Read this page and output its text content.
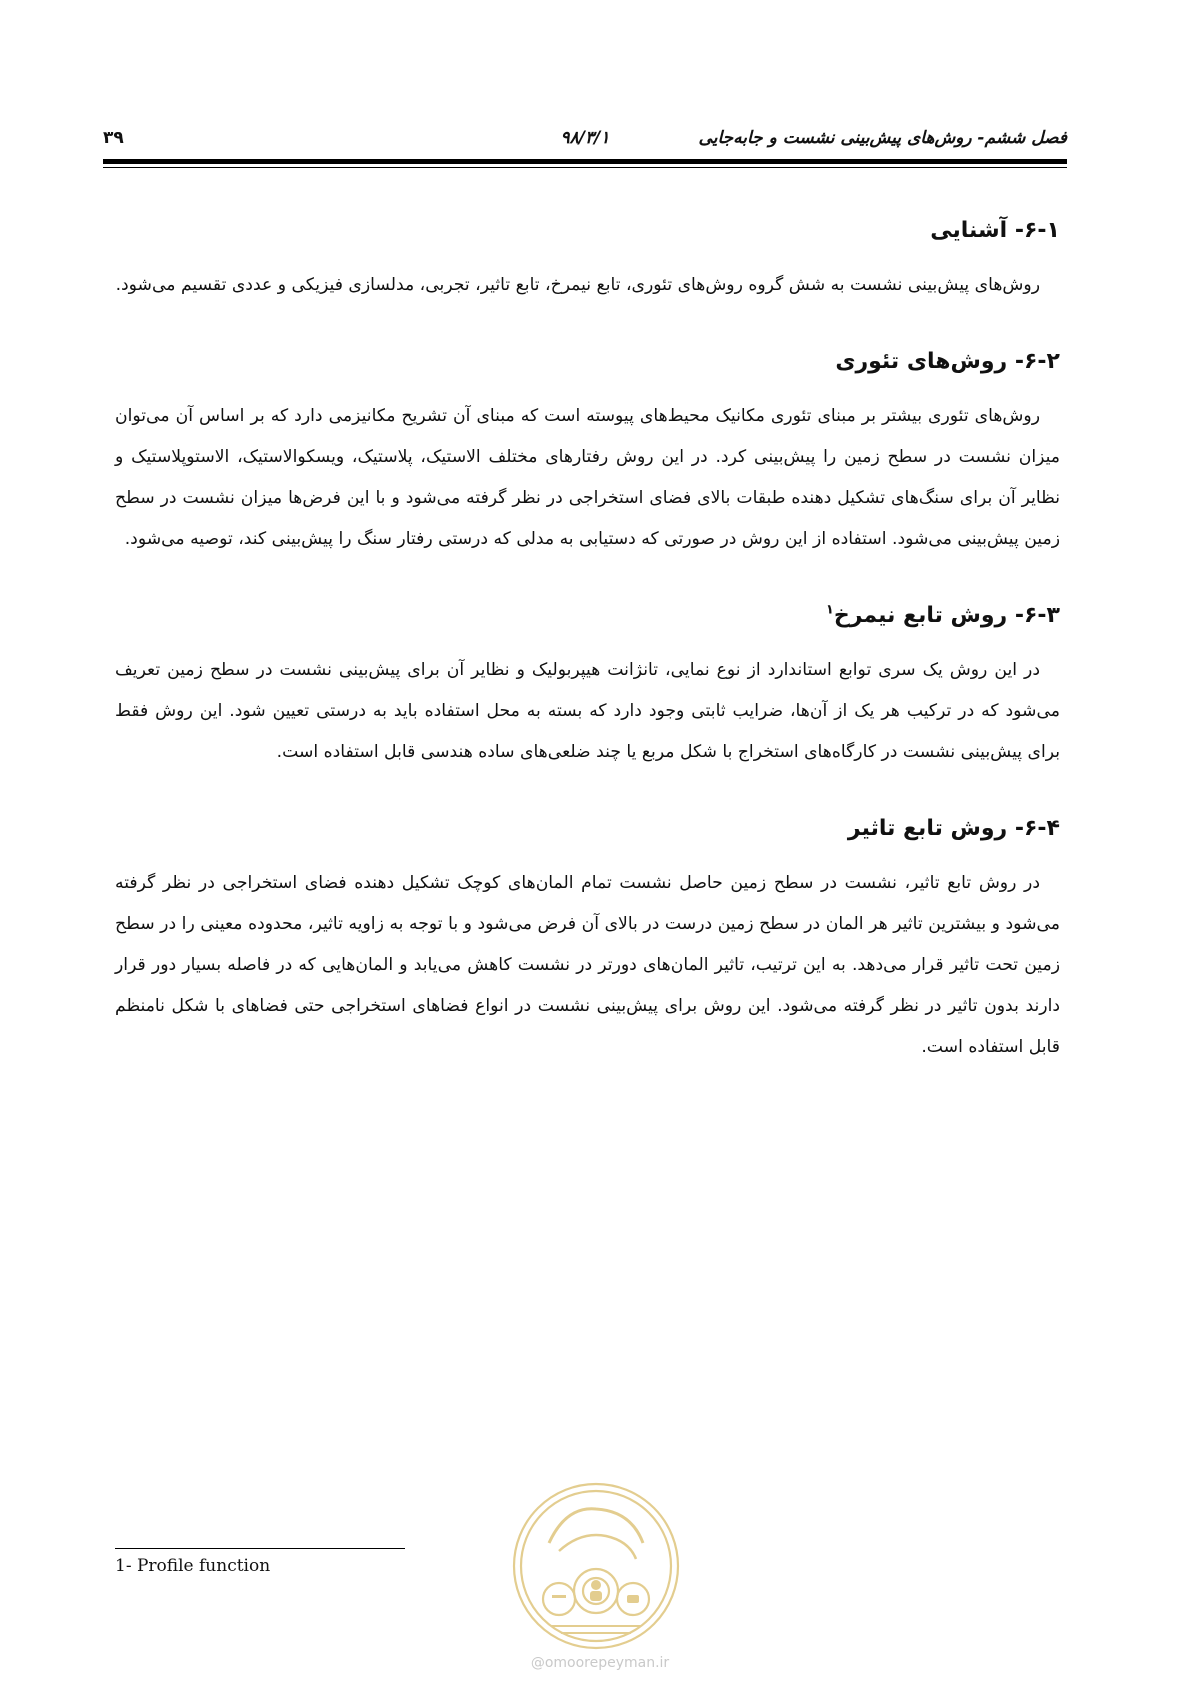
فصل ششم- روش‌های پیش‌بینی نشست و جابه‌جایی
۹۸/۳/۱
۳۹
۶-۱- آشنایی

روش‌های پیش‌بینی نشست به شش گروه روش‌های تئوری، تابع نیمرخ، تابع تاثیر، تجربی، مدلسازی فیزیکی و عددی تقسیم می‌شود.

۶-۲- روش‌های تئوری

روش‌های تئوری بیشتر بر مبنای تئوری مکانیک محیط‌های پیوسته است که مبنای آن تشریح مکانیزمی دارد که بر اساس آن می‌توان میزان نشست در سطح زمین را پیش‌بینی کرد. در این روش رفتارهای مختلف الاستیک، پلاستیک، ویسکوالاستیک، الاستوپلاستیک و نظایر آن برای سنگ‌های تشکیل دهنده طبقات بالای فضای استخراجی در نظر گرفته می‌شود و با این فرض‌ها میزان نشست در سطح زمین پیش‌بینی می‌شود. استفاده از این روش در صورتی که دستیابی به مدلی که درستی رفتار سنگ را پیش‌بینی کند، توصیه می‌شود.

۶-۳- روش تابع نیمرخ$^۱$

در این روش یک سری توابع استاندارد از نوع نمایی، تانژانت هیپربولیک و نظایر آن برای پیش‌بینی نشست در سطح زمین تعریف می‌شود که در ترکیب هر یک از آن‌ها، ضرایب ثابتی وجود دارد که بسته به محل استفاده باید به درستی تعیین شود. این روش فقط برای پیش‌بینی نشست در کارگاه‌های استخراج با شکل مربع یا چند ضلعی‌های ساده هندسی قابل استفاده است.

۶-۴- روش تابع تاثیر

در روش تابع تاثیر، نشست در سطح زمین حاصل نشست تمام المان‌های کوچک تشکیل دهنده فضای استخراجی در نظر گرفته می‌شود و بیشترین تاثیر هر المان در سطح زمین درست در بالای آن فرض می‌شود و با توجه به زاویه تاثیر، محدوده معینی را در سطح زمین تحت تاثیر قرار می‌دهد. به این ترتیب، تاثیر المان‌های دورتر در نشست کاهش می‌یابد و المان‌هایی که در فاصله بسیار دور قرار دارند بدون تاثیر در نظر گرفته می‌شود. این روش برای پیش‌بینی نشست در انواع فضاهای استخراجی حتی فضاهای با شکل نامنظم قابل استفاده است.

1- Profile function
@omoorepeyman.ir
